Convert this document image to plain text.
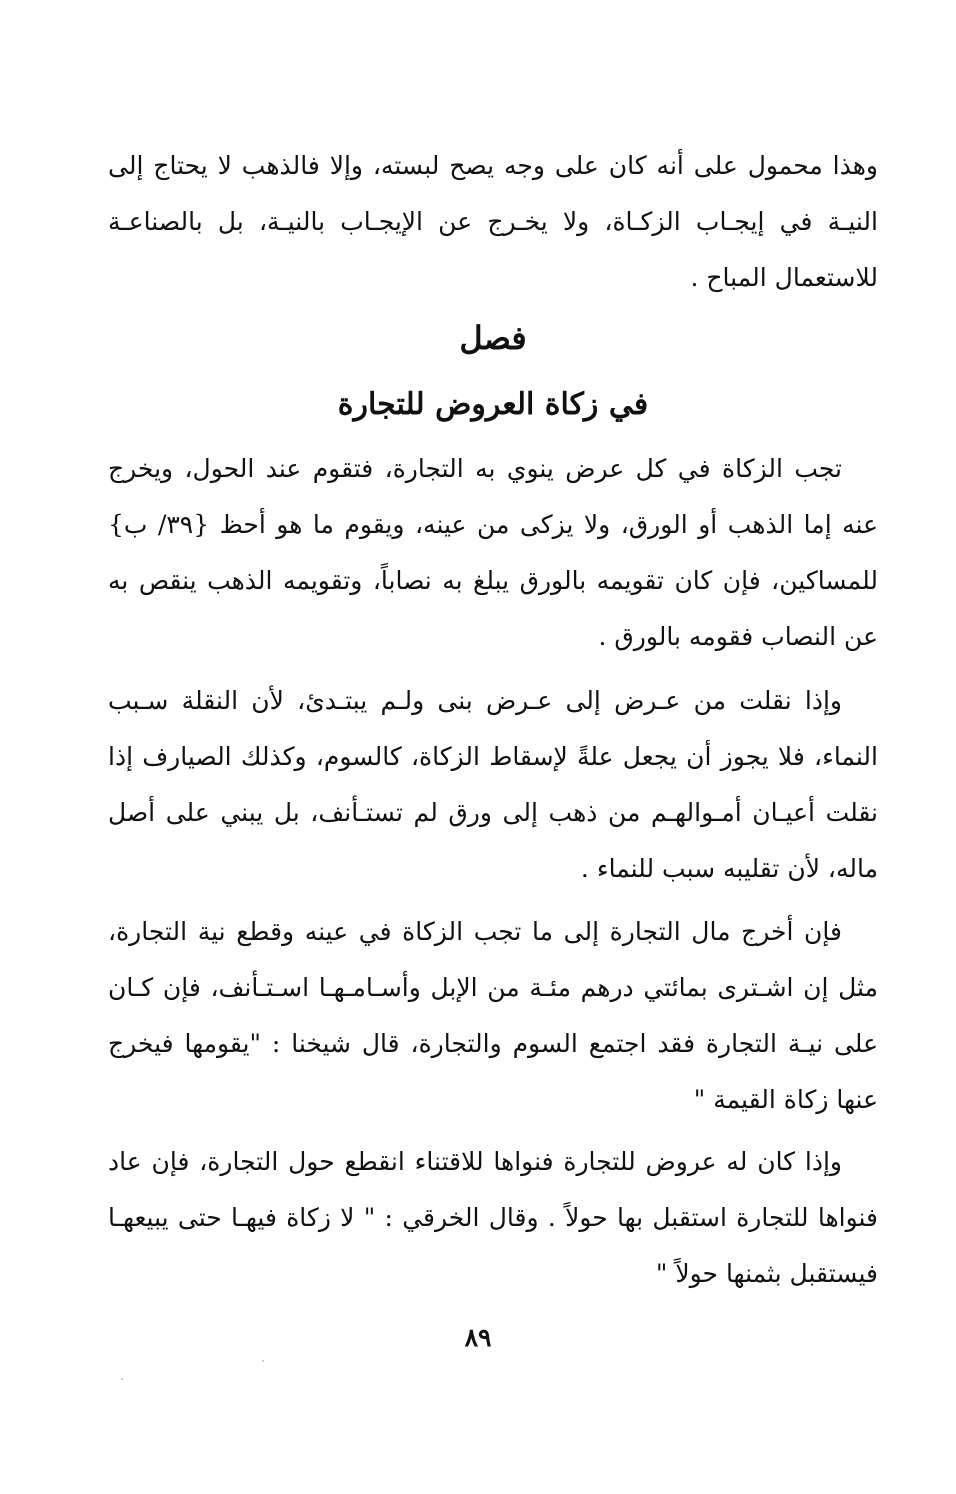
وهذا محمول على أنه كان على وجه يصح لبسته، وإلا فالذهب لا يحتاج إلى النيـة في إيجـاب الزكـاة، ولا يخـرج عن الإيجـاب بالنيـة، بل بالصناعـة للاستعمال المباح .

فصل
في زكاة العروض للتجارة

تجب الزكاة في كل عرض ينوي به التجارة، فتقوم عند الحول، ويخرج عنه إما الذهب أو الورق، ولا يزكى من عينه، ويقوم ما هو أحظ {٣٩/ ب} للمساكين، فإن كان تقويمه بالورق يبلغ به نصاباً، وتقويمه الذهب ينقص به عن النصاب فقومه بالورق .

وإذا نقلت من عـرض إلى عـرض بنى ولـم يبتـدئ، لأن النقلة سـبب النماء، فلا يجوز أن يجعل علةً لإسقاط الزكاة، كالسوم، وكذلك الصيارف إذا نقلت أعيـان أمـوالهـم من ذهب إلى ورق لم تستـأنف، بل يبني على أصل ماله، لأن تقليبه سبب للنماء .

فإن أخرج مال التجارة إلى ما تجب الزكاة في عينه وقطع نية التجارة، مثل إن اشـترى بمائتي درهم مئـة من الإبل وأسـامـهـا اسـتـأنف، فإن كـان على نيـة التجارة فقد اجتمع السوم والتجارة، قال شيخنا : "يقومها فيخرج عنها زكاة القيمة "

وإذا كان له عروض للتجارة فنواها للاقتناء انقطع حول التجارة، فإن عاد فنواها للتجارة استقبل بها حولاً . وقال الخرقي : " لا زكاة فيهـا حتى يبيعهـا فيستقبل بثمنها حولاً "

٨٩
